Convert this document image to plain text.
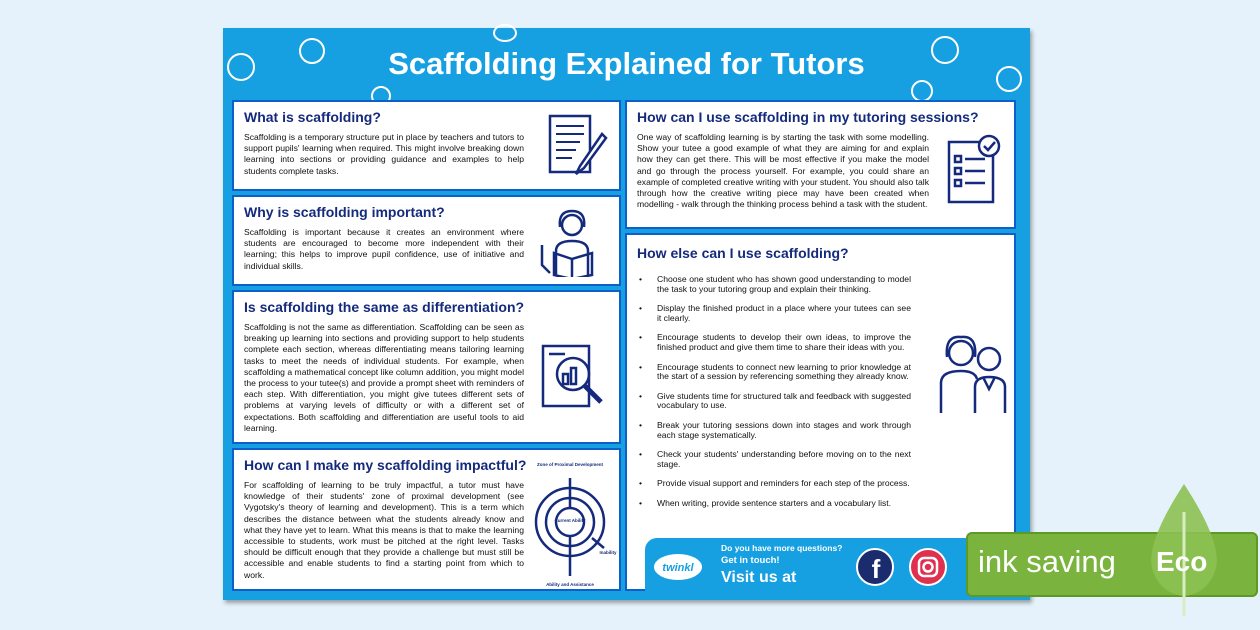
Scaffolding Explained for Tutors
What is scaffolding?

Scaffolding is a temporary structure put in place by teachers and tutors to support pupils' learning when required. This might involve breaking down learning into sections or providing guidance and examples to help students complete tasks.

Why is scaffolding important?

Scaffolding is important because it creates an environment where students are encouraged to become more independent with their learning; this helps to improve pupil confidence, use of initiative and individual skills.

Is scaffolding the same as differentiation?

Scaffolding is not the same as differentiation. Scaffolding can be seen as breaking up learning into sections and providing support to help students complete each section, whereas differentiating means tailoring learning tasks to meet the needs of individual students. For example, when scaffolding a mathematical concept like column addition, you might model the process to your tutee(s) and provide a prompt sheet with reminders of each step. With differentiation, you might give tutees different sets of problems at varying levels of difficulty or with a different set of expectations. Both scaffolding and differentiation are useful tools to aid learning.

How can I make my scaffolding impactful?

For scaffolding of learning to be truly impactful, a tutor must have knowledge of their students' zone of proximal development (see Vygotsky's theory of learning and development). This is a term which describes the distance between what the students already know and what they have yet to learn. What this means is that to make the learning accessible to students, work must be pitched at the right level. Tasks should be difficult enough that they provide a challenge but must still be accessible and enable students to find a starting point from which to work.

Zone of Proximal Development
Current Ability
Inability
Ability and Assistance
How can I use scaffolding in my tutoring sessions?

One way of scaffolding learning is by starting the task with some modelling. Show your tutee a good example of what they are aiming for and explain how they can get there. This will be most effective if you make the model and go through the process yourself. For example, you could share an example of completed creative writing with your student. You should also talk through how the creative writing piece may have been created when modelling - walk through the thinking process behind a task with the student.

How else can I use scaffolding?
• Choose one student who has shown good understanding to model the task to your tutoring group and explain their thinking.
• Display the finished product in a place where your tutees can see it clearly.
• Encourage students to develop their own ideas, to improve the finished product and give them time to share their ideas with you.
• Encourage students to connect new learning to prior knowledge at the start of a session by referencing something they already know.
• Give students time for structured talk and feedback with suggested vocabulary to use.
• Break your tutoring sessions down into stages and work through each stage systematically.
• Check your students' understanding before moving on to the next stage.
• Provide visual support and reminders for each step of the process.
• When writing, provide sentence starters and a vocabulary list.
twinkl
Do you have more questions?
Get in touch!
Visit us at	f	ink saving Eco
